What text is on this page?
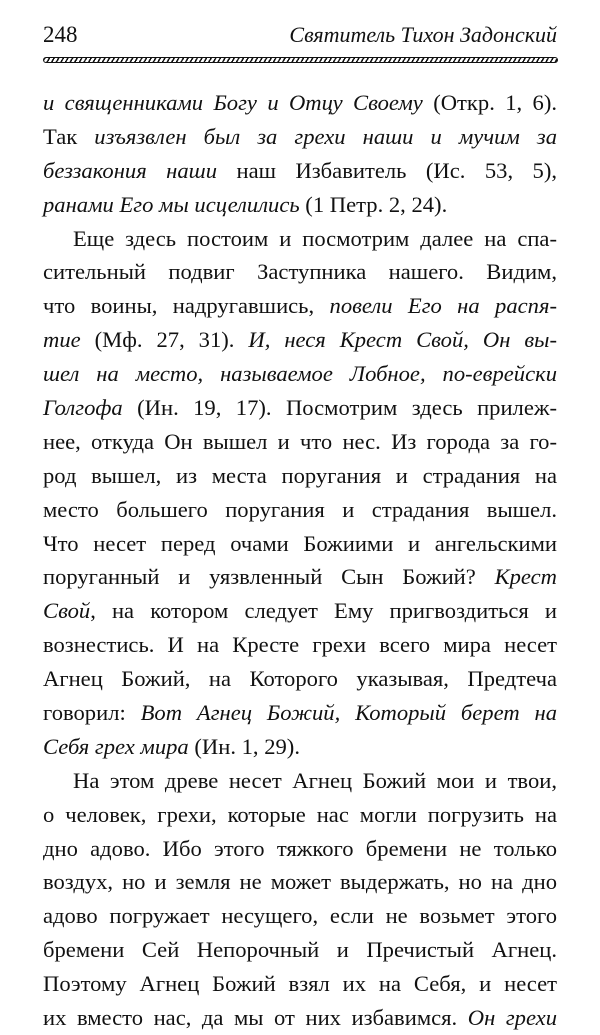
248	Святитель Тихон Задонский
и священниками Богу и Отцу Своему (Откр. 1, 6).
Так изъязвлен был за грехи наши и мучим за
беззакония наши наш Избавитель (Ис. 53, 5),
ранами Его мы исцелились (1 Петр. 2, 24).
Еще здесь постоим и посмотрим далее на спа-
сительный подвиг Заступника нашего. Видим,
что воины, надругавшись, повели Его на распя-
тие (Мф. 27, 31). И, неся Крест Свой, Он вы-
шел на место, называемое Лобное, по-еврейски
Голгофа (Ин. 19, 17). Посмотрим здесь прилеж-
нее, откуда Он вышел и что нес. Из города за го-
род вышел, из места поругания и страдания на
место большего поругания и страдания вышел.
Что несет перед очами Божиими и ангельскими
поруганный и уязвленный Сын Божий? Крест
Свой, на котором следует Ему пригвоздиться и
вознестись. И на Кресте грехи всего мира несет
Агнец Божий, на Которого указывая, Предтеча
говорил: Вот Агнец Божий, Который берет на
Себя грех мира (Ин. 1, 29).
На этом древе несет Агнец Божий мои и твои,
о человек, грехи, которые нас могли погрузить на
дно адово. Ибо этого тяжкого бремени не только
воздух, но и земля не может выдержать, но на дно
адово погружает несущего, если не возьмет этого
бремени Сей Непорочный и Пречистый Агнец.
Поэтому Агнец Божий взял их на Себя, и несет
их вместо нас, да мы от них избавимся. Он грехи
